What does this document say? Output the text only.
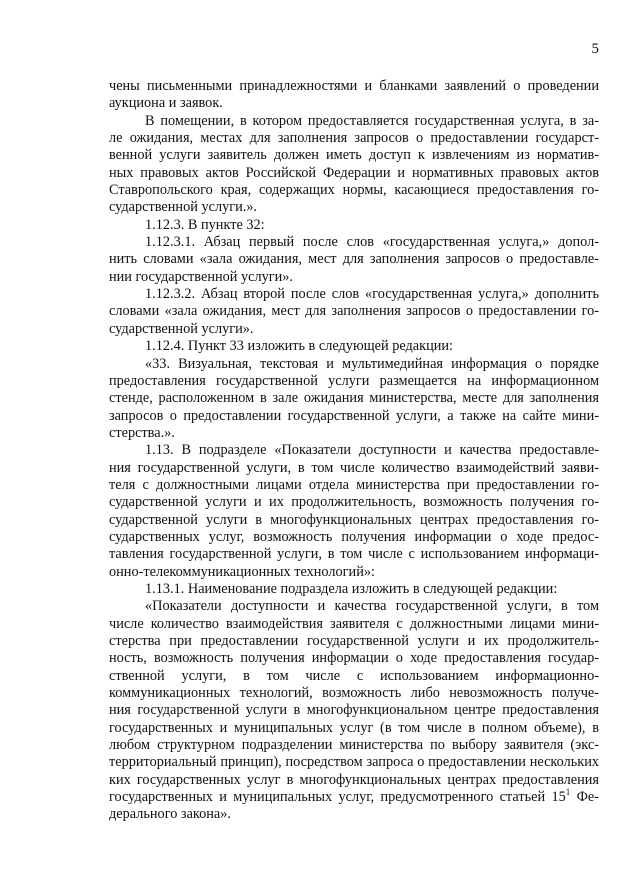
5

чены письменными принадлежностями и бланками заявлений о проведении
аукциона и заявок.

В помещении, в котором предоставляется государственная услуга, в за-
ле ожидания, местах для заполнения запросов о предоставлении государст-
венной услуги заявитель должен иметь доступ к извлечениям из норматив-
ных правовых актов Российской Федерации и нормативных правовых актов
Ставропольского края, содержащих нормы, касающиеся предоставления го-
сударственной услуги.».

1.12.3. В пункте 32:

1.12.3.1. Абзац первый после слов «государственная услуга,» допол-
нить словами «зала ожидания, мест для заполнения запросов о предоставле-
нии государственной услуги».

1.12.3.2. Абзац второй после слов «государственная услуга,» дополнить
словами «зала ожидания, мест для заполнения запросов о предоставлении го-
сударственной услуги».

1.12.4. Пункт 33 изложить в следующей редакции:

«33. Визуальная, текстовая и мультимедийная информация о порядке
предоставления государственной услуги размещается на информационном
стенде, расположенном в зале ожидания министерства, месте для заполнения
запросов о предоставлении государственной услуги, а также на сайте мини-
стерства.».

1.13. В подразделе «Показатели доступности и качества предоставле-
ния государственной услуги, в том числе количество взаимодействий заяви-
теля с должностными лицами отдела министерства при предоставлении го-
сударственной услуги и их продолжительность, возможность получения го-
сударственной услуги в многофункциональных центрах предоставления го-
сударственных услуг, возможность получения информации о ходе предос-
тавления государственной услуги, в том числе с использованием информаци-
онно-телекоммуникационных технологий»:

1.13.1. Наименование подраздела изложить в следующей редакции:

«Показатели доступности и качества государственной услуги, в том
числе количество взаимодействия заявителя с должностными лицами мини-
стерства при предоставлении государственной услуги и их продолжитель-
ность, возможность получения информации о ходе предоставления государ-
ственной услуги, в том числе с использованием информационно-
коммуникационных технологий, возможность либо невозможность получе-
ния государственной услуги в многофункциональном центре предоставления
государственных и муниципальных услуг (в том числе в полном объеме), в
любом структурном подразделении министерства по выбору заявителя (экс-
территориальный принцип), посредством запроса о предоставлении нескольких
ких государственных услуг в многофункциональных центрах предоставления
государственных и муниципальных услуг, предусмотренного статьей $15^1$ Фе-
дерального закона».
